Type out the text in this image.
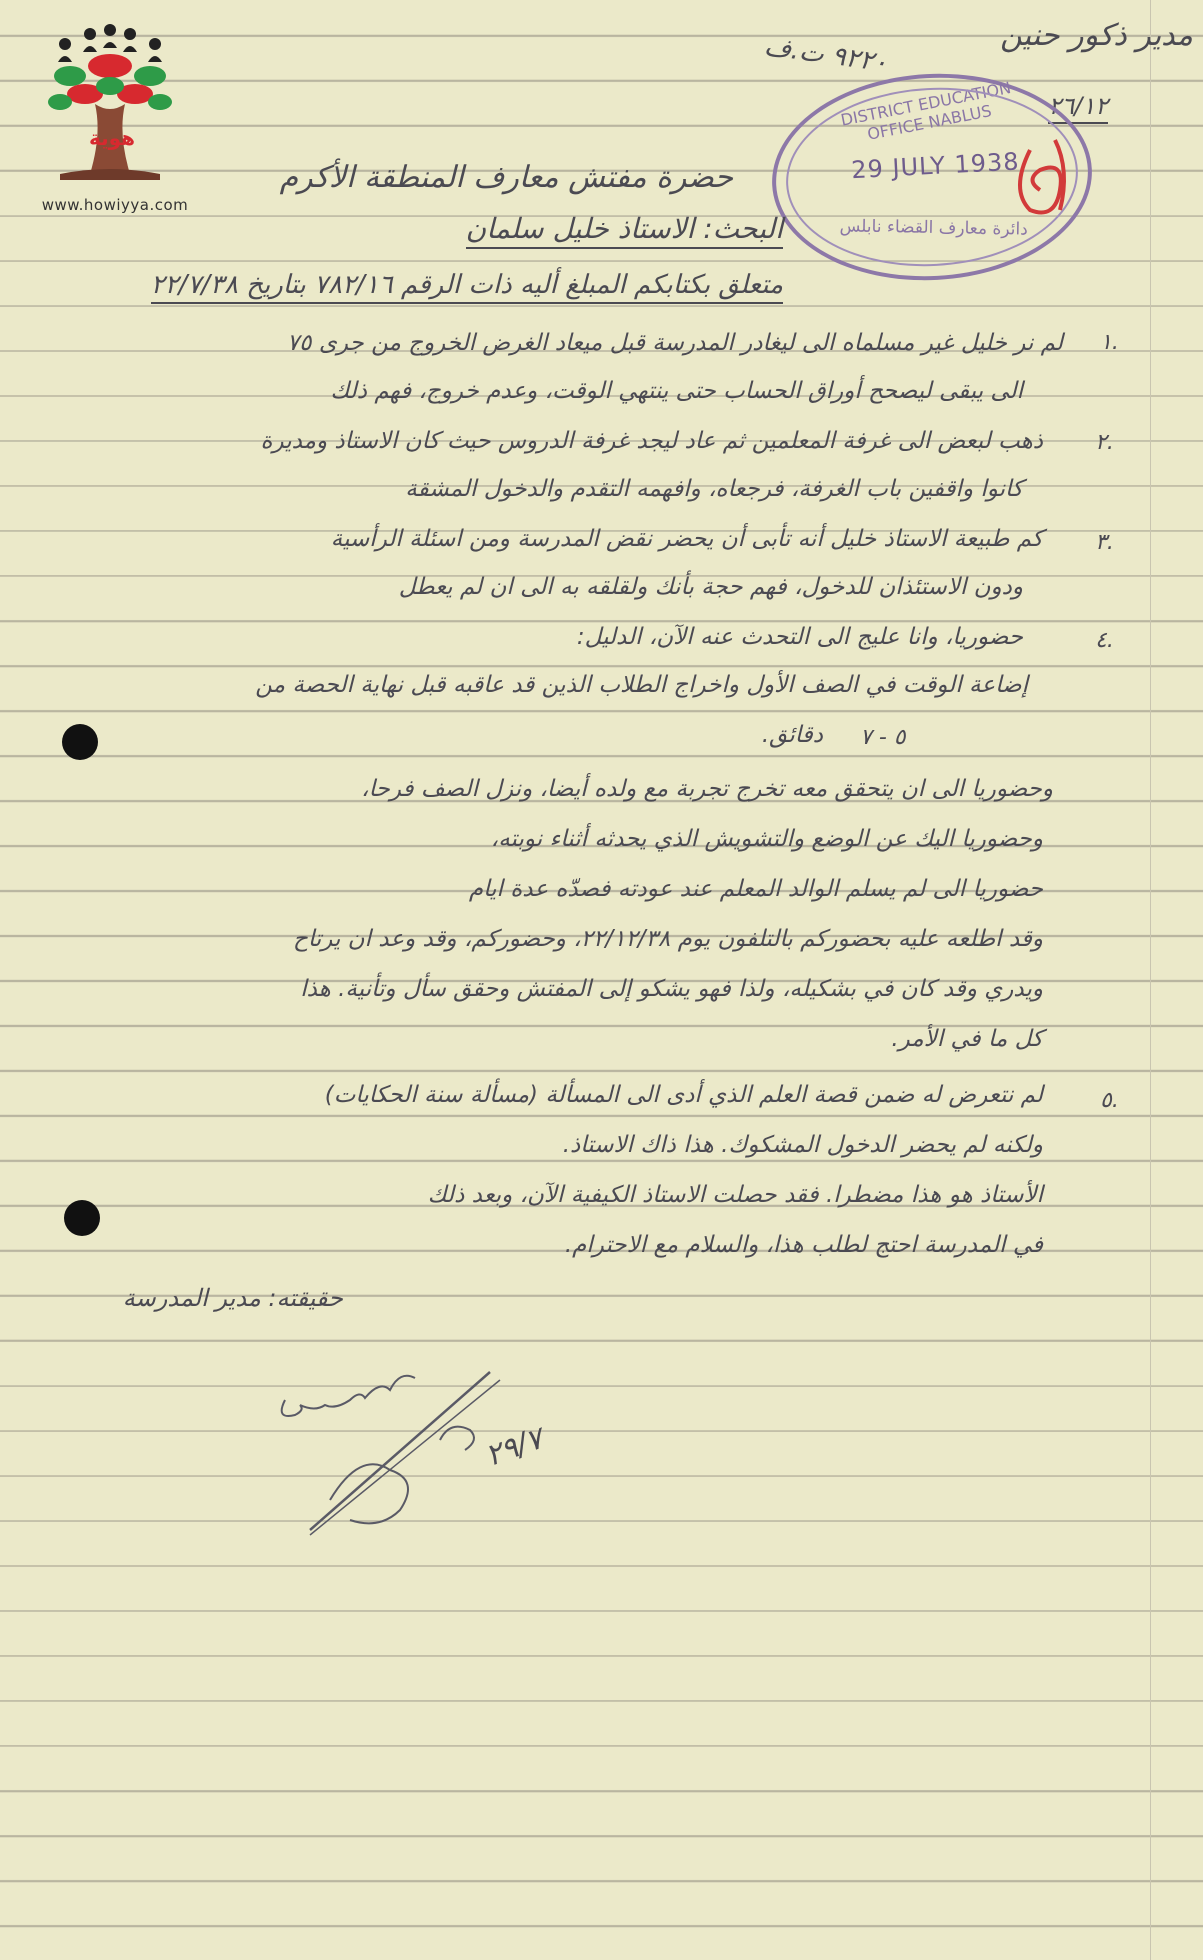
هوية
www.howiyya.com
مدير ذكور حنين
٩٢٢٠ ت.ف
٢٦/١٢
DISTRICT EDUCATION OFFICE NABLUS
29 JULY 1938
دائرة معارف القضاء نابلس
حضرة مفتش معارف المنطقة الأكرم
البحث: الاستاذ خليل سلمان
متعلق بكتابكم المبلغ أليه ذات الرقم ٧٨٢/١٦ بتاريخ ٢٢/٧/٣٨
١.
لم نر خليل غير مسلماه الى ليغادر المدرسة قبل ميعاد الغرض الخروج من جرى ٧٥
الى يبقى ليصحح أوراق الحساب حتى ينتهي الوقت، وعدم خروج، فهم ذلك
٢.
ذهب لبعض الى غرفة المعلمين ثم عاد ليجد غرفة الدروس حيث كان الاستاذ ومديرة
كانوا واقفين باب الغرفة، فرجعاه، وافهمه التقدم والدخول المشقة
٣.
كم طبيعة الاستاذ خليل أنه تأبى أن يحضر نقض المدرسة ومن اسئلة الرأسية
ودون الاستئذان للدخول، فهم حجة بأنك ولقلقه به الى ان لم يعطل
٤.
حضوريا، وانا عليج الى التحدث عنه الآن، الدليل:
إضاعة الوقت في الصف الأول واخراج الطلاب الذين قد عاقبه قبل نهاية الحصة من
٥ - ٧
دقائق.
وحضوريا الى ان يتحقق معه تخرج تجربة مع ولده أيضا، ونزل الصف فرحا،
وحضوريا اليك عن الوضع والتشويش الذي يحدثه أثناء نوبته،
حضوريا الى لم يسلم الوالد المعلم عند عودته فصدّه عدة ايام
وقد اطلعه عليه بحضوركم بالتلفون يوم ٢٢/١٢/٣٨، وحضوركم، وقد وعد ان يرتاح
ويدري وقد كان في بشكيله، ولذا فهو يشكو إلى المفتش وحقق سأل وتأنية. هذا
كل ما في الأمر.
٥.
لم نتعرض له ضمن قصة العلم الذي أدى الى المسألة (مسألة سنة الحكايات)
ولكنه لم يحضر الدخول المشكوك. هذا ذاك الاستاذ.
الأستاذ هو هذا مضطرا. فقد حصلت الاستاذ الكيفية الآن، وبعد ذلك
في المدرسة احتج لطلب هذا، والسلام مع الاحترام.
حقيقته: مدير المدرسة
٢٩/٧
